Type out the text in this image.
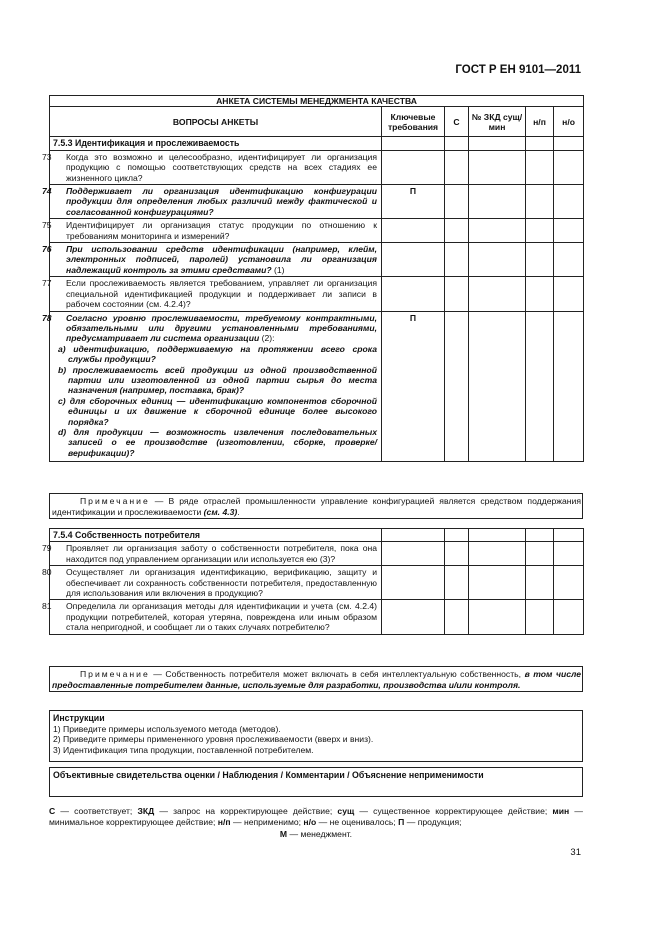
ГОСТ Р ЕН 9101—2011
АНКЕТА СИСТЕМЫ МЕНЕДЖМЕНТА КАЧЕСТВА					
ВОПРОСЫ АНКЕТЫ	Ключевые требования	С	№ ЗКД сущ/мин	н/п	н/о
7.5.3 Идентификация и прослеживаемость					

73 Когда это возможно и целесообразно, идентифицирует ли организация продукцию с помощью соответствующих средств на всех стадиях ее жизненного цикла?					

74 Поддерживает ли организация идентификацию конфигурации продукции для определения любых различий между фактической и согласованной конфигурациями?	П				

75 Идентифицирует ли организация статус продукции по отношению к требованиям мониторинга и измерений?					

76 При использовании средств идентификации (например, клейм, электронных подписей, паролей) установила ли организация надлежащий контроль за этими средствами? (1)					

77 Если прослеживаемость является требованием, управляет ли организация специальной идентификацией продукции и поддерживает ли записи в рабочем состоянии (см. 4.2.4)?					

78 Согласно уровню прослеживаемости, требуемому контрактными, обязательными или другими установленными требованиями, предусматривает ли система организации (2):
a) идентификацию, поддерживаемую на протяжении всего срока службы продукции?
b) прослеживаемость всей продукции из одной производственной партии или изготовленной из одной партии сырья до места назначения (например, поставка, брак)?
c) для сборочных единиц — идентификацию компонентов сборочной единицы и их движение к сборочной единице более высокого порядка?
d) для продукции — возможность извлечения последовательных записей о ее производстве (изготовлении, сборке, проверке/верификации)?	П				
Примечание — В ряде отраслей промышленности управление конфигурацией является средством поддержания идентификации и прослеживаемости (см. 4.3).
7.5.4 Собственность потребителя					

79 Проявляет ли организация заботу о собственности потребителя, пока она находится под управлением организации или используется ею (3)?					

80 Осуществляет ли организация идентификацию, верификацию, защиту и обеспечивает ли сохранность собственности потребителя, предоставленную для использования или включения в продукцию?					

81 Определила ли организация методы для идентификации и учета (см. 4.2.4) продукции потребителей, которая утеряна, повреждена или иным образом стала непригодной, и сообщает ли о таких случаях потребителю?					

Примечание — Собственность потребителя может включать в себя интеллектуальную собственность, в том числе предоставленные потребителем данные, используемые для разработки, производства и/или контроля.
Инструкции
1) Приведите примеры используемого метода (методов).
2) Приведите примеры примененного уровня прослеживаемости (вверх и вниз).
3) Идентификация типа продукции, поставленной потребителем.
Объективные свидетельства оценки / Наблюдения / Комментарии / Объяснение неприменимости
С — соответствует; ЗКД — запрос на корректирующее действие; сущ — существенное корректирующее действие; мин — минимальное корректирующее действие; н/п — неприменимо; н/о — не оценивалось; П — продукция;
М — менеджмент.
31
